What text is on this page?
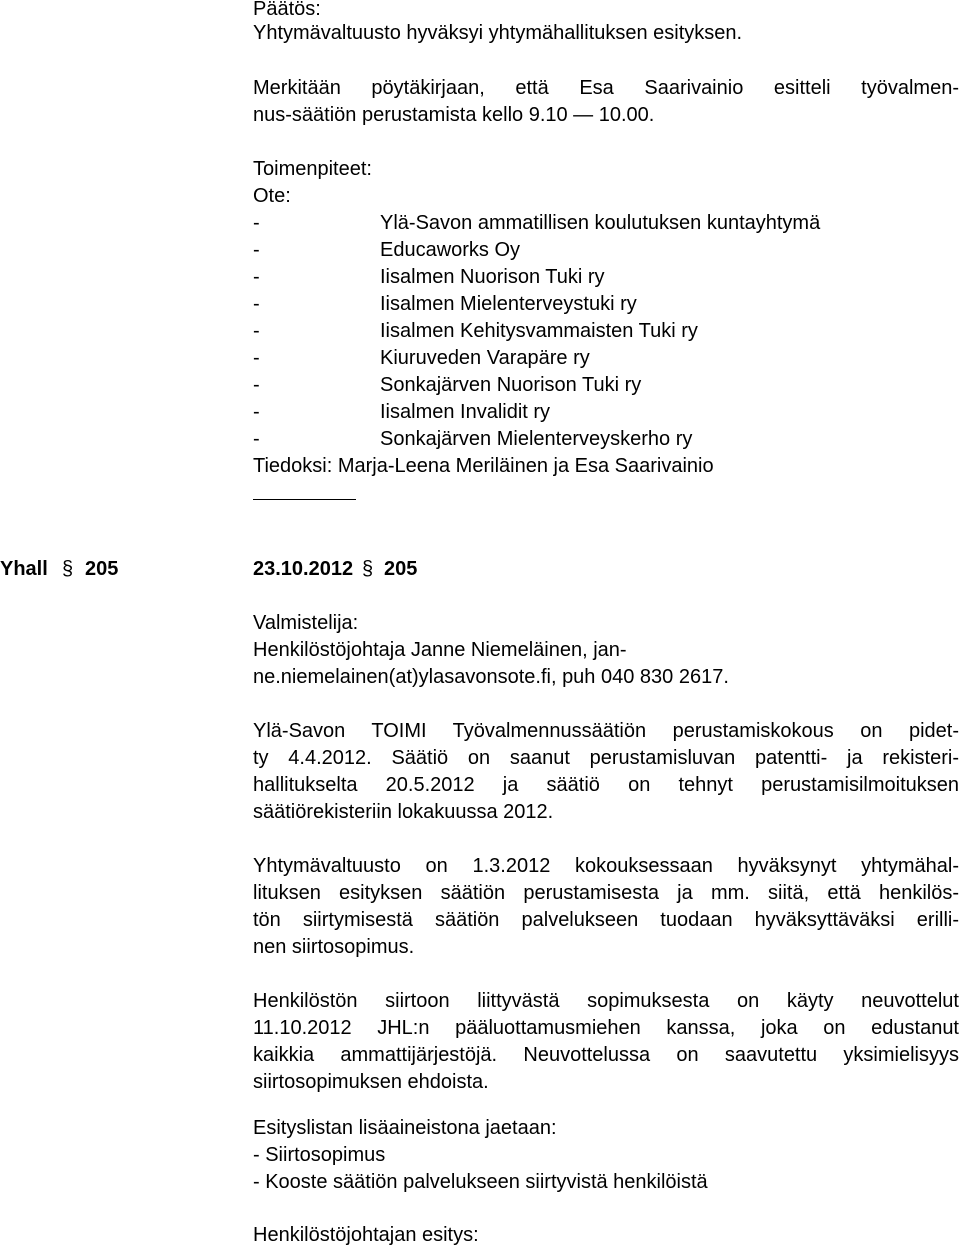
Päätös:
Yhtymävaltuusto hyväksyi yhtymähallituksen esityksen.
Merkitään pöytäkirjaan, että Esa Saarivainio esitteli työvalmen-
nus-säätiön perustamista kello 9.10 — 10.00.
Toimenpiteet:
Ote:
-	Ylä-Savon ammatillisen koulutuksen kuntayhtymä
-	Educaworks Oy
-	Iisalmen Nuorison Tuki ry
-	Iisalmen Mielenterveystuki ry
-	Iisalmen Kehitysvammaisten Tuki ry
-	Kiuruveden Varapäre ry
-	Sonkajärven Nuorison Tuki ry
-	Iisalmen Invalidit ry
-	Sonkajärven Mielenterveyskerho ry
Tiedoksi: Marja-Leena Meriläinen ja Esa Saarivainio
Yhall § 205	23.10.2012 § 205
Valmistelija:
Henkilöstöjohtaja Janne Niemeläinen, jan-
ne.niemelainen(at)ylasavonsote.fi, puh 040 830 2617.
Ylä-Savon TOIMI Työvalmennussäätiön perustamiskokous on pidet-
ty 4.4.2012. Säätiö on saanut perustamisluvan patentti- ja rekisteri-
hallitukselta 20.5.2012 ja säätiö on tehnyt perustamisilmoituksen
säätiörekisteriin lokakuussa 2012.
Yhtymävaltuusto on 1.3.2012 kokouksessaan hyväksynyt yhtymähal-
lituksen esityksen säätiön perustamisesta ja mm. siitä, että henkilös-
tön siirtymisestä säätiön palvelukseen tuodaan hyväksyttäväksi erilli-
nen siirtosopimus.
Henkilöstön siirtoon liittyvästä sopimuksesta on käyty neuvottelut
11.10.2012 JHL:n pääluottamusmiehen kanssa, joka on edustanut
kaikkia ammattijärjestöjä. Neuvottelussa on saavutettu yksimielisyys
siirtosopimuksen ehdoista.
Esityslistan lisäaineistona jaetaan:
- Siirtosopimus
- Kooste säätiön palvelukseen siirtyvistä henkilöistä
Henkilöstöjohtajan esitys:
